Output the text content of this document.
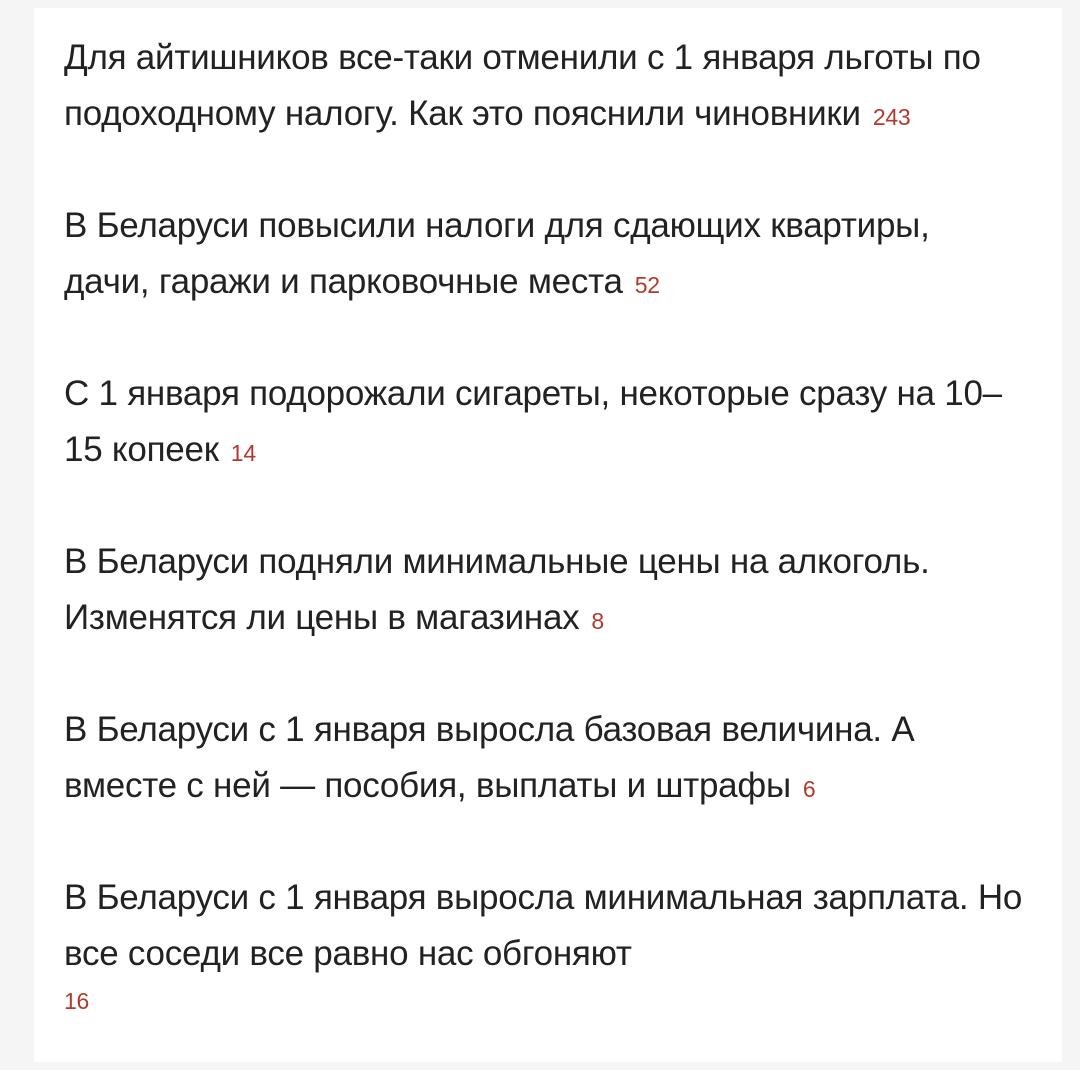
Для айтишников все-таки отменили с 1 января льготы по подоходному налогу. Как это пояснили чиновники 243
В Беларуси повысили налоги для сдающих квартиры, дачи, гаражи и парковочные места 52
С 1 января подорожали сигареты, некоторые сразу на 10–15 копеек 14
В Беларуси подняли минимальные цены на алкоголь. Изменятся ли цены в магазинах 8
В Беларуси с 1 января выросла базовая величина. А вместе с ней — пособия, выплаты и штрафы 6
В Беларуси с 1 января выросла минимальная зарплата. Но все соседи все равно нас обгоняют
16
